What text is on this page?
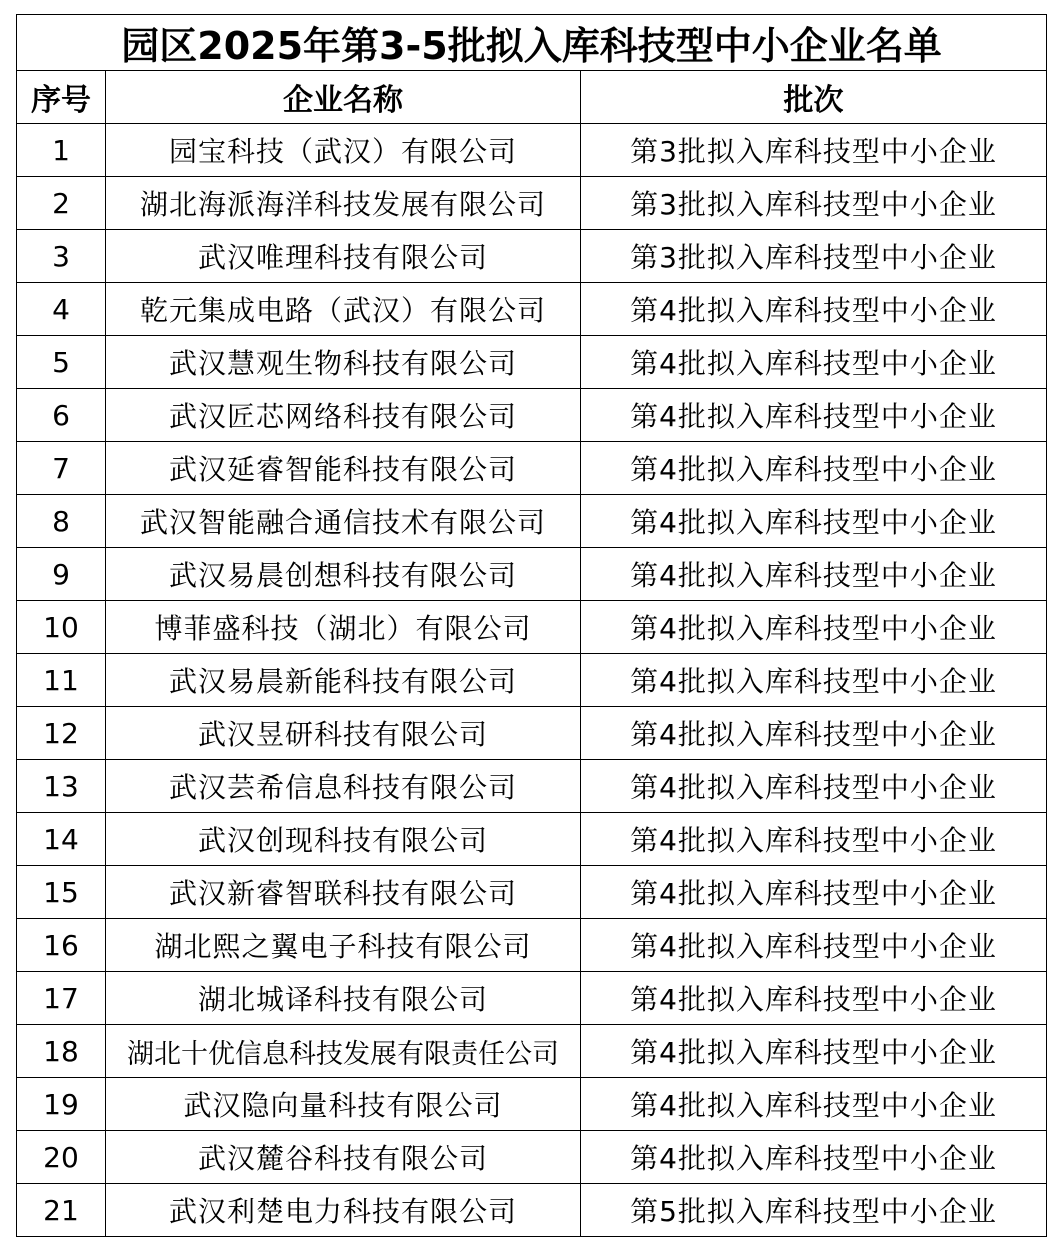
园区2025年第3-5批拟入库科技型中小企业名单		
序号	企业名称	批次
1	园宝科技（武汉）有限公司	第3批拟入库科技型中小企业
2	湖北海派海洋科技发展有限公司	第3批拟入库科技型中小企业
3	武汉唯理科技有限公司	第3批拟入库科技型中小企业
4	乾元集成电路（武汉）有限公司	第4批拟入库科技型中小企业
5	武汉慧观生物科技有限公司	第4批拟入库科技型中小企业
6	武汉匠芯网络科技有限公司	第4批拟入库科技型中小企业
7	武汉延睿智能科技有限公司	第4批拟入库科技型中小企业
8	武汉智能融合通信技术有限公司	第4批拟入库科技型中小企业
9	武汉易晨创想科技有限公司	第4批拟入库科技型中小企业
10	博菲盛科技（湖北）有限公司	第4批拟入库科技型中小企业
11	武汉易晨新能科技有限公司	第4批拟入库科技型中小企业
12	武汉昱研科技有限公司	第4批拟入库科技型中小企业
13	武汉芸希信息科技有限公司	第4批拟入库科技型中小企业
14	武汉创现科技有限公司	第4批拟入库科技型中小企业
15	武汉新睿智联科技有限公司	第4批拟入库科技型中小企业
16	湖北熙之翼电子科技有限公司	第4批拟入库科技型中小企业
17	湖北城译科技有限公司	第4批拟入库科技型中小企业
18	湖北十优信息科技发展有限责任公司	第4批拟入库科技型中小企业
19	武汉隐向量科技有限公司	第4批拟入库科技型中小企业
20	武汉麓谷科技有限公司	第4批拟入库科技型中小企业
21	武汉利楚电力科技有限公司	第5批拟入库科技型中小企业
